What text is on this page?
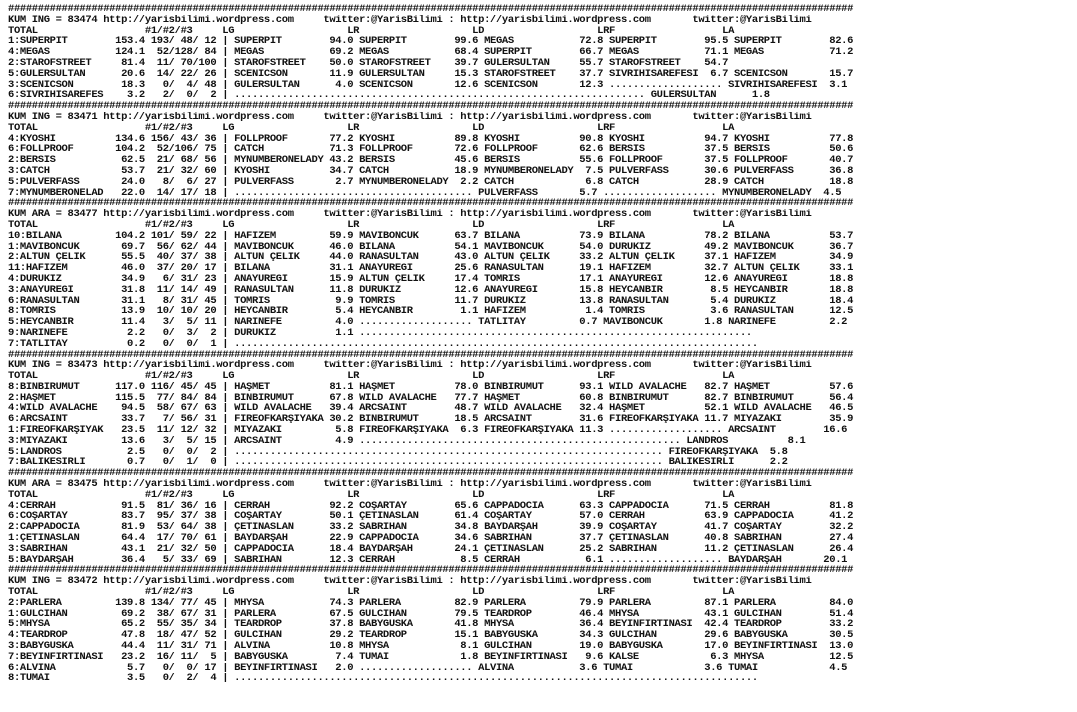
##############################################################################################################################################
KUM ING = 83474 http://yarisbilimi.wordpress.com     twitter:@YarisBilimi : http://yarisbilimi.wordpress.com       twitter:@YarisBilimi
TOTAL                  #1/#2/#3     LG                   LR                   LD                   LRF                  LA
1:SUPERPIT        153.4 193/ 48/ 12 | SUPERPIT        94.0 SUPERPIT        99.6 MEGAS           72.8 SUPERPIT        95.5 SUPERPIT        82.6
4:MEGAS           124.1  52/128/ 84 | MEGAS           69.2 MEGAS           68.4 SUPERPIT        66.7 MEGAS           71.1 MEGAS           71.2
2:STAROFSTREET     81.4  11/ 70/100 | STAROFSTREET    50.0 STAROFSTREET    39.7 GÜLERSULTAN     55.7 STAROFSTREET    54.7
5:GÜLERSULTAN      20.6  14/ 22/ 26 | SCENICSON       11.9 GÜLERSULTAN     15.3 STAROFSTREET    37.7 SİVRİHİSAREFESİ  6.7 SCENICSON       15.7
3:SCENICSON        18.3   0/  4/ 48 | GÜLERSULTAN      4.0 SCENICSON       12.6 SCENICSON       12.3 ................... SİVRİHİSAREFESİ  3.1
6:SİVRİHİSAREFES    3.2   2/  0/  2 | ..................................................................... GÜLERSULTAN      1.8
##############################################################################################################################################
KUM ING = 83471 http://yarisbilimi.wordpress.com     twitter:@YarisBilimi : http://yarisbilimi.wordpress.com       twitter:@YarisBilimi
TOTAL                  #1/#2/#3     LG                   LR                   LD                   LRF                  LA
4:KYOSHI          134.6 156/ 43/ 36 | FOLLPROOF       77.2 KYOSHI          89.8 KYOSHI          90.8 KYOSHI          94.7 KYOSHI          77.8
6:FOLLPROOF       104.2  52/106/ 75 | CATCH           71.3 FOLLPROOF       72.6 FOLLPROOF       62.6 BERSİS          37.5 BERSİS          50.6
2:BERSİS           62.5  21/ 68/ 56 | MYNUMBERONELADY 43.2 BERSİS          45.6 BERSİS          55.6 FOLLPROOF       37.5 FOLLPROOF       40.7
3:CATCH            53.7  21/ 32/ 60 | KYOSHI          34.7 CATCH           18.9 MYNUMBERONELADY  7.5 PULVERFASS      30.6 PULVERFASS      36.8
5:PULVERFASS       24.0   8/  6/ 27 | PULVERFASS       2.7 MYNUMBERONELADY  2.2 CATCH            6.8 CATCH           28.9 CATCH           18.8
7:MYNUMBERONELAD   22.0  14/ 17/ 18 | ........................................ PULVERFASS       5.7 ................... MYNUMBERONELADY  4.5
##############################################################################################################################################
KUM ARA = 83477 http://yarisbilimi.wordpress.com     twitter:@YarisBilimi : http://yarisbilimi.wordpress.com       twitter:@YarisBilimi
TOTAL                  #1/#2/#3     LG                   LR                   LD                   LRF                  LA
10:BİLANA         104.2 101/ 59/ 22 | HAFİZEM         59.9 MAVİBONCUK      63.7 BİLANA          73.9 BİLANA          78.2 BİLANA          53.7
1:MAVİBONCUK       69.7  56/ 62/ 44 | MAVİBONCUK      46.0 BİLANA          54.1 MAVİBONCUK      54.0 DURUKIZ         49.2 MAVİBONCUK      36.7
2:ALTUN ÇELİK      55.5  40/ 37/ 38 | ALTUN ÇELİK     44.0 RANASULTAN      43.0 ALTUN ÇELİK     33.2 ALTUN ÇELİK     37.1 HAFİZEM         34.9
11:HAFİZEM         46.0  37/ 20/ 17 | BİLANA          31.1 ANAYÜREĞİ       25.6 RANASULTAN      19.1 HAFİZEM         32.7 ALTUN ÇELİK     33.1
4:DURUKIZ          34.9   6/ 31/ 23 | ANAYÜREĞİ       15.9 ALTUN ÇELİK     17.4 TOMRİS          17.1 ANAYÜREĞİ       12.6 ANAYÜREĞİ       18.8
3:ANAYÜREĞİ        31.8  11/ 14/ 49 | RANASULTAN      11.8 DURUKIZ         12.6 ANAYÜREĞİ       15.8 HEYCANBİR        8.5 HEYCANBİR       18.8
6:RANASULTAN       31.1   8/ 31/ 45 | TOMRİS           9.9 TOMRİS          11.7 DURUKIZ         13.8 RANASULTAN       5.4 DURUKIZ         18.4
8:TOMRİS           13.9  10/ 10/ 20 | HEYCANBİR        5.4 HEYCANBİR        1.1 HAFİZEM          1.4 TOMRİS           3.6 RANASULTAN      12.5
5:HEYCANBİR        11.4   3/  5/ 11 | NARİNEFE         4.0 ................... TATLITAY         0.7 MAVİBONCUK       1.8 NARİNEFE         2.2
9:NARİNEFE          2.2   0/  3/  2 | DURUKIZ          1.1 ..................................................................
7:TATLITAY          0.2   0/  0/  1 | ........................................................................................
##############################################################################################################################################
KUM ING = 83473 http://yarisbilimi.wordpress.com     twitter:@YarisBilimi : http://yarisbilimi.wordpress.com       twitter:@YarisBilimi
TOTAL                  #1/#2/#3     LG                   LR                   LD                   LRF                  LA
8:BİNBİRUMUT      117.0 116/ 45/ 45 | HAŞMET          81.1 HAŞMET          78.0 BİNBİRUMUT      93.1 WILD AVALACHE   82.7 HAŞMET          57.6
2:HAŞMET          115.5  77/ 84/ 84 | BİNBİRUMUT      67.8 WILD AVALACHE   77.7 HAŞMET          60.8 BİNBİRUMUT      82.7 BİNBİRUMUT      56.4
4:WILD AVALACHE    94.5  58/ 67/ 63 | WILD AVALACHE   39.4 ARCSAINT        48.7 WILD AVALACHE   32.4 HAŞMET          52.1 WILD AVALACHE   46.5
6:ARCSAINT         33.7   7/ 56/ 31 | FİREOFKARŞIYAKA 30.2 BİNBİRUMUT      18.5 ARCSAINT        31.6 FİREOFKARŞIYAKA 11.7 MİYAZAKİ        35.9
1:FİREOFKARŞIYAK   23.5  11/ 12/ 32 | MİYAZAKİ         5.8 FİREOFKARŞIYAKA  6.3 FİREOFKARŞIYAKA 11.3 ................... ARCSAINT        16.6
3:MİYAZAKİ         13.6   3/  5/ 15 | ARCSAINT         4.9 ...................................................... LANDROS          8.1
5:LANDROS           2.5   0/  0/  2 | ........................................................................ FİREOFKARŞIYAKA  5.8
7:BALIKESİRLİ       0.7   0/  1/  0 | ........................................................................ BALIKESİRLİ      2.2
##############################################################################################################################################
KUM ARA = 83475 http://yarisbilimi.wordpress.com     twitter:@YarisBilimi : http://yarisbilimi.wordpress.com       twitter:@YarisBilimi
TOTAL                  #1/#2/#3     LG                   LR                   LD                   LRF                  LA
4:CERRAH           91.5  81/ 36/ 16 | CERRAH          92.2 COŞARTAY        65.6 CAPPADOCIA      63.3 CAPPADOCIA      71.5 CERRAH          81.8
6:COŞARTAY         83.7  95/ 37/ 38 | COŞARTAY        50.1 ÇETİNASLAN      61.4 COŞARTAY        57.0 CERRAH          63.9 CAPPADOCIA      41.2
2:CAPPADOCIA       81.9  53/ 64/ 38 | ÇETİNASLAN      33.2 SABRİHAN        34.8 BAYDARŞAH       39.9 COŞARTAY        41.7 COŞARTAY        32.2
1:ÇETİNASLAN       64.4  17/ 70/ 61 | BAYDARŞAH       22.9 CAPPADOCIA      34.6 SABRİHAN        37.7 ÇETİNASLAN      40.8 SABRİHAN        27.4
3:SABRİHAN         43.1  21/ 32/ 50 | CAPPADOCIA      18.4 BAYDARŞAH       24.1 ÇETİNASLAN      25.2 SABRİHAN        11.2 ÇETİNASLAN      26.4
5:BAYDARŞAH        36.4   5/ 33/ 69 | SABRİHAN        12.3 CERRAH           8.5 CERRAH           6.1 ................... BAYDARŞAH       20.1
##############################################################################################################################################
KUM ING = 83472 http://yarisbilimi.wordpress.com     twitter:@YarisBilimi : http://yarisbilimi.wordpress.com       twitter:@YarisBilimi
TOTAL                  #1/#2/#3     LG                   LR                   LD                   LRF                  LA
2:PARLERA         139.8 134/ 77/ 45 | MHYSA           74.3 PARLERA         82.9 PARLERA         79.9 PARLERA         87.1 PARLERA         84.0
1:GÜLCİHAN         69.2  38/ 67/ 31 | PARLERA         67.5 GÜLCİHAN        79.5 TEARDROP        46.4 MHYSA           43.1 GÜLCİHAN        51.4
5:MHYSA            65.2  55/ 35/ 34 | TEARDROP        37.8 BABYGUSKA       41.8 MHYSA           36.4 BEYİNFIRTINASI  42.4 TEARDROP        33.2
4:TEARDROP         47.8  18/ 47/ 52 | GÜLCİHAN        29.2 TEARDROP        15.1 BABYGUSKA       34.3 GÜLCİHAN        29.6 BABYGUSKA       30.5
3:BABYGUSKA        44.4  11/ 31/ 71 | ALVINA          10.8 MHYSA            8.1 GÜLCİHAN        19.0 BABYGUSKA       17.0 BEYİNFIRTINASI  13.0
7:BEYİNFIRTINASI   23.2  16/ 11/  5 | BABYGUSKA        7.4 TUMAI            1.8 BEYİNFIRTINASI   9.6 KALSE            6.3 MHYSA           12.5
6:ALVINA            5.7   0/  0/ 17 | BEYİNFIRTINASI   2.0 ................... ALVINA           3.6 TUMAI            3.6 TUMAI            4.5
8:TUMAI             3.5   0/  2/  4 | ........................................................................................
